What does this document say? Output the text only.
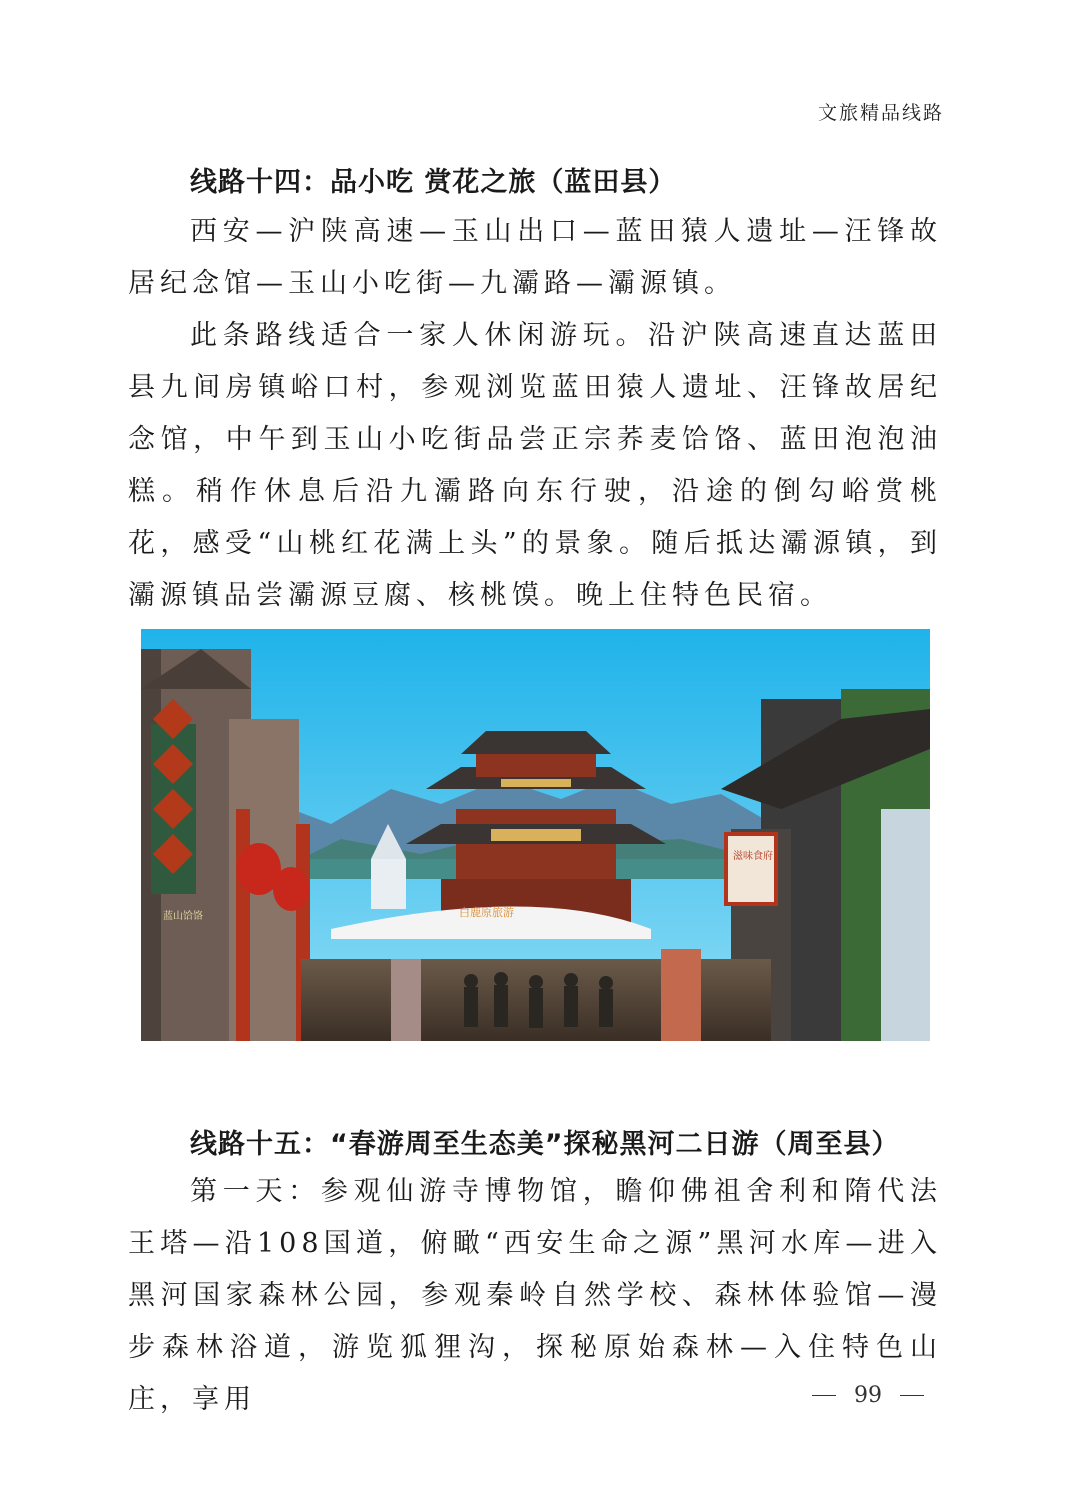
文旅精品线路
线路十四：品小吃 赏花之旅（蓝田县）

西安—沪陕高速—玉山出口—蓝田猿人遗址—汪锋故居纪念馆—玉山小吃街—九灞路—灞源镇。

此条路线适合一家人休闲游玩。沿沪陕高速直达蓝田县九间房镇峪口村，参观浏览蓝田猿人遗址、汪锋故居纪念馆，中午到玉山小吃街品尝正宗荞麦饸饹、蓝田泡泡油糕。稍作休息后沿九灞路向东行驶，沿途的倒勾峪赏桃花，感受“山桃红花满上头”的景象。随后抵达灞源镇，到灞源镇品尝灞源豆腐、核桃馍。晚上住特色民宿。

白鹿原旅游
蓝山饸饹
滋味食府
线路十五：“春游周至生态美”探秘黑河二日游（周至县）

第一天：参观仙游寺博物馆，瞻仰佛祖舍利和隋代法王塔—沿108国道，俯瞰“西安生命之源”黑河水库—进入黑河国家森林公园，参观秦岭自然学校、森林体验馆—漫步森林浴道，游览狐狸沟，探秘原始森林—入住特色山庄，享用	99
